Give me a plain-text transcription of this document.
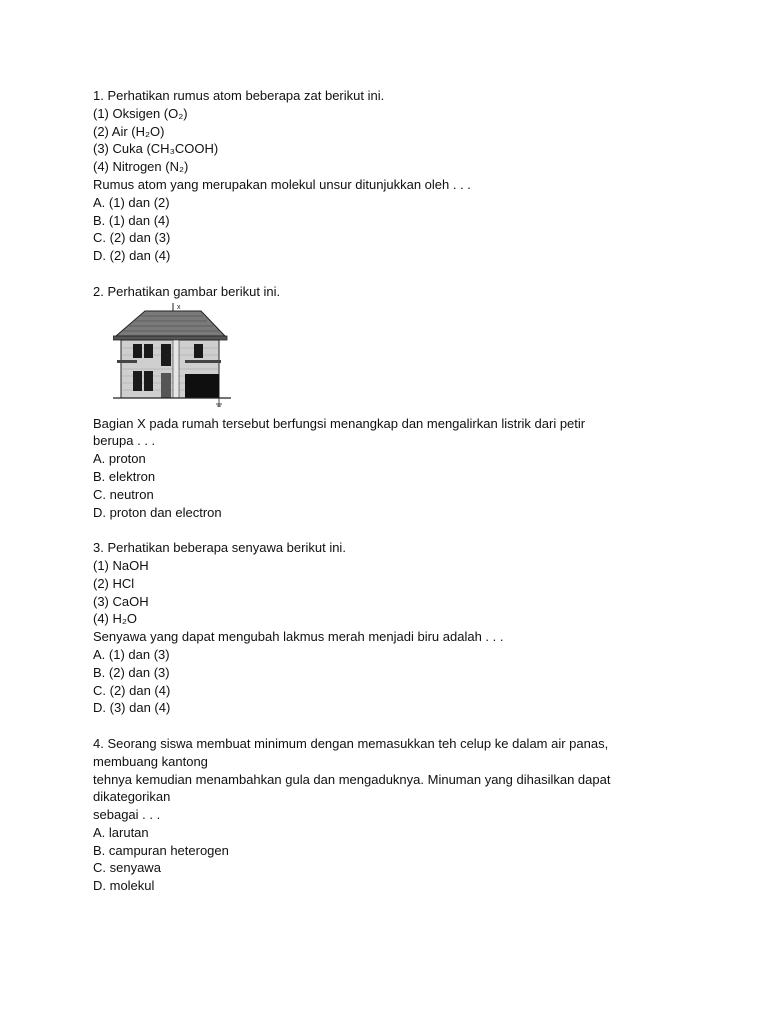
1. Perhatikan rumus atom beberapa zat berikut ini.
(1) Oksigen (O₂)
(2) Air (H₂O)
(3) Cuka (CH₃COOH)
(4) Nitrogen (N₂)
Rumus atom yang merupakan molekul unsur ditunjukkan oleh . . .
A. (1) dan (2)
B. (1) dan (4)
C. (2) dan (3)
D. (2) dan (4)
2. Perhatikan gambar berikut ini.
x
Bagian X pada rumah tersebut berfungsi menangkap dan mengalirkan listrik dari petir
berupa . . .
A. proton
B. elektron
C. neutron
D. proton dan electron
3. Perhatikan beberapa senyawa berikut ini.
(1) NaOH
(2) HCl
(3) CaOH
(4) H₂O
Senyawa yang dapat mengubah lakmus merah menjadi biru adalah . . .
A. (1) dan (3)
B. (2) dan (3)
C. (2) dan (4)
D. (3) dan (4)
4. Seorang siswa membuat minimum dengan memasukkan teh celup ke dalam air panas,
membuang kantong
tehnya kemudian menambahkan gula dan mengaduknya. Minuman yang dihasilkan dapat
dikategorikan
sebagai . . .
A. larutan
B. campuran heterogen
C. senyawa
D. molekul
